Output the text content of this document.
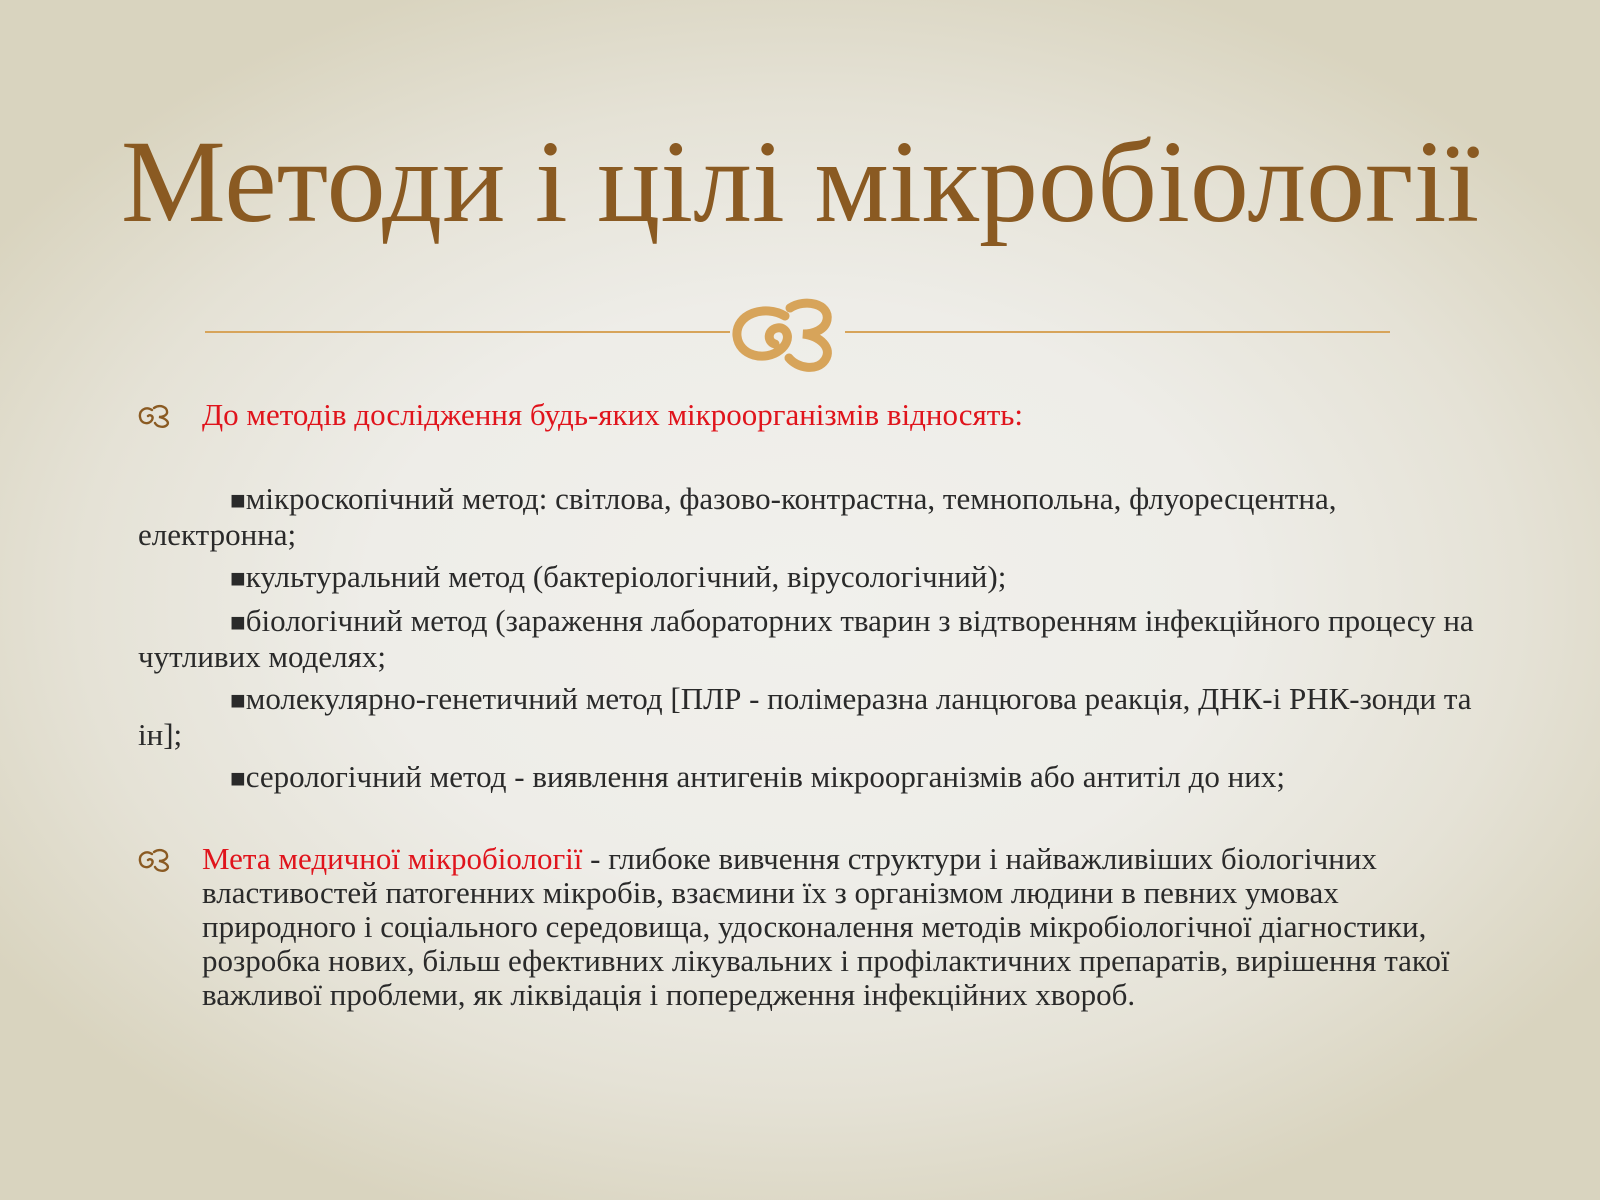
Методи і цілі мікробіології
До методів дослідження будь-яких мікроорганізмів відносять:

■мікроскопічний метод: світлова, фазово-контрастна, темнопольна, флуоресцентна, електронна;

■культуральний метод (бактеріологічний, вірусологічний);

■біологічний метод (зараження лабораторних тварин з відтворенням інфекційного процесу на чутливих моделях;

■молекулярно-генетичний метод [ПЛР - полімеразна ланцюгова реакція, ДНК-і РНК-зонди та ін];

■серологічний метод - виявлення антигенів мікроорганізмів або антитіл до них;

Мета медичної мікробіології - глибоке вивчення структури і найважливіших біологічних властивостей патогенних мікробів, взаємини їх з організмом людини в певних умовах природного і соціального середовища, удосконалення методів мікробіологічної діагностики, розробка нових, більш ефективних лікувальних і профілактичних препаратів, вирішення такої важливої проблеми, як ліквідація і попередження інфекційних хвороб.
